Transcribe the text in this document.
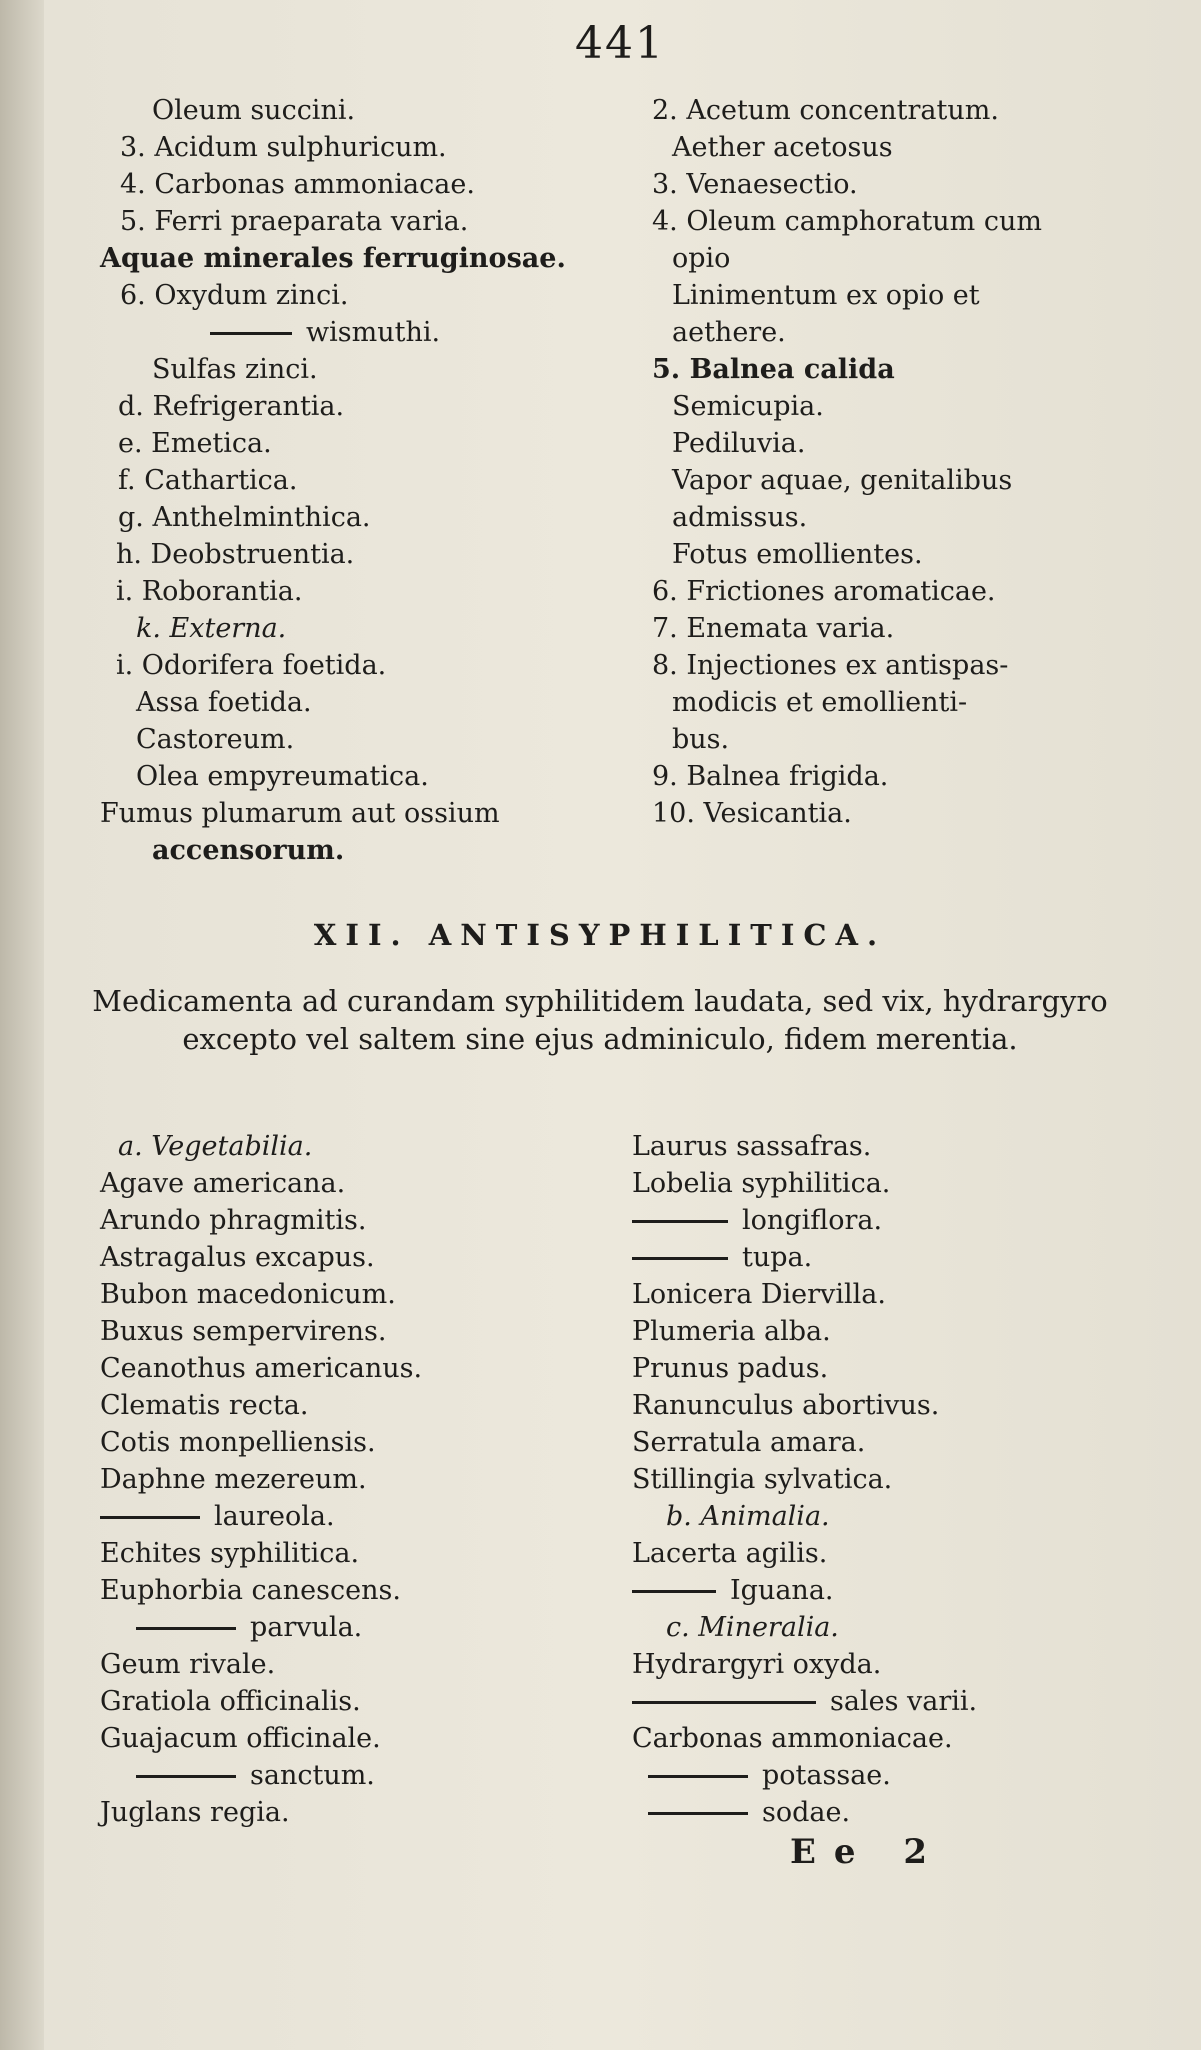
441
Oleum succini.
3. Acidum sulphuricum.
4. Carbonas ammoniacae.
5. Ferri praeparata varia.
Aquae minerales ferruginosae.
6. Oxydum zinci.
wismuthi.
Sulfas zinci.
d. Refrigerantia.
e. Emetica.
f. Cathartica.
g. Anthelminthica.
h. Deobstruentia.
i. Roborantia.
k. Externa.
i. Odorifera foetida.
Assa foetida.
Castoreum.
Olea empyreumatica.
Fumus plumarum aut ossium
accensorum.
2. Acetum concentratum.
Aether acetosus
3. Venaesectio.
4. Oleum camphoratum cum
opio
Linimentum ex opio et
aethere.
5. Balnea calida
Semicupia.
Pediluvia.
Vapor aquae, genitalibus
admissus.
Fotus emollientes.
6. Frictiones aromaticae.
7. Enemata varia.
8. Injectiones ex antispas-
modicis et emollienti-
bus.
9. Balnea frigida.
10. Vesicantia.
XII. ANTISYPHILITICA.
Medicamenta ad curandam syphilitidem laudata, sed vix, hydrargyro excepto vel saltem sine ejus adminiculo, fidem merentia.
a. Vegetabilia.
Agave americana.
Arundo phragmitis.
Astragalus excapus.
Bubon macedonicum.
Buxus sempervirens.
Ceanothus americanus.
Clematis recta.
Cotis monpelliensis.
Daphne mezereum.
laureola.
Echites syphilitica.
Euphorbia canescens.
parvula.
Geum rivale.
Gratiola officinalis.
Guajacum officinale.
sanctum.
Juglans regia.
Laurus sassafras.
Lobelia syphilitica.
longiflora.
tupa.
Lonicera Diervilla.
Plumeria alba.
Prunus padus.
Ranunculus abortivus.
Serratula amara.
Stillingia sylvatica.
b. Animalia.
Lacerta agilis.
Iguana.
c. Mineralia.
Hydrargyri oxyda.
sales varii.
Carbonas ammoniacae.
potassae.
sodae.
Ee 2
